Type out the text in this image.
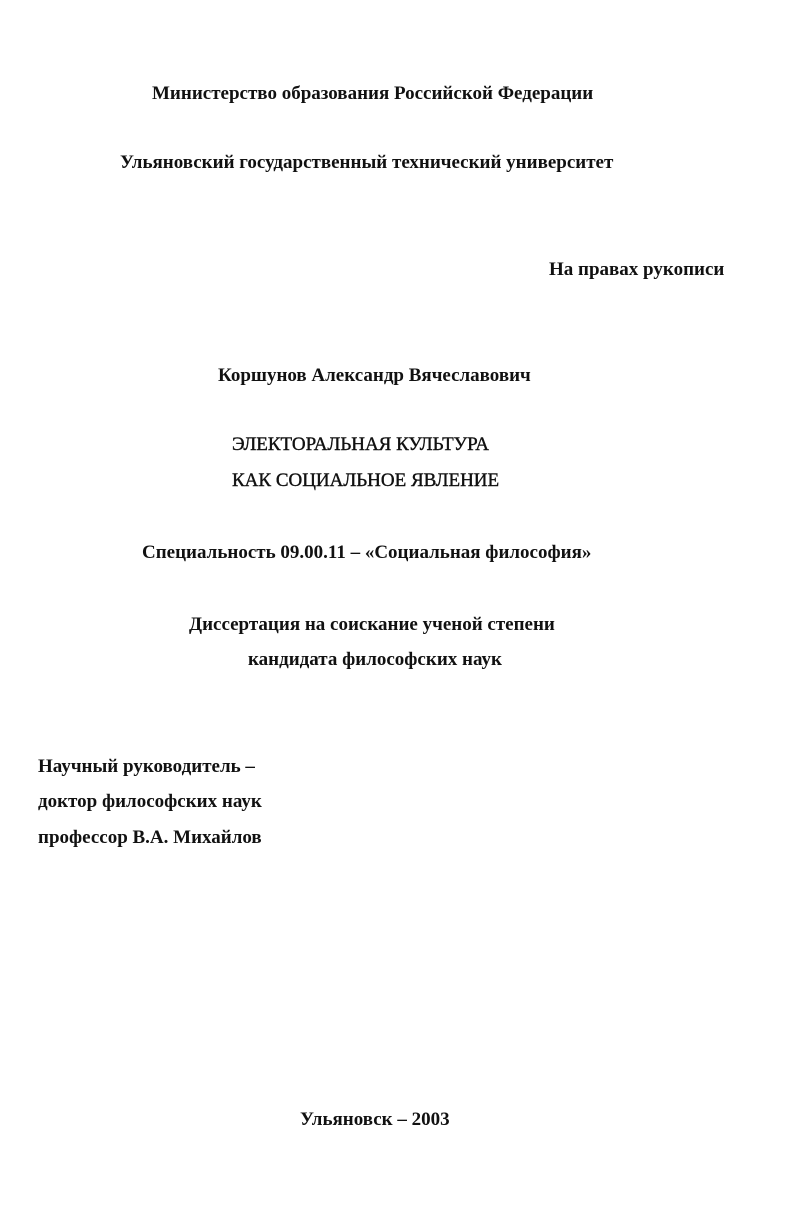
Министерство образования Российской Федерации
Ульяновский государственный технический университет
На правах рукописи
Коршунов Александр Вячеславович
ЭЛЕКТОРАЛЬНАЯ КУЛЬТУРА
КАК СОЦИАЛЬНОЕ ЯВЛЕНИЕ
Специальность 09.00.11 – «Социальная философия»
Диссертация на соискание ученой степени
кандидата философских наук
Научный руководитель –
доктор философских наук
профессор В.А. Михайлов
Ульяновск – 2003
